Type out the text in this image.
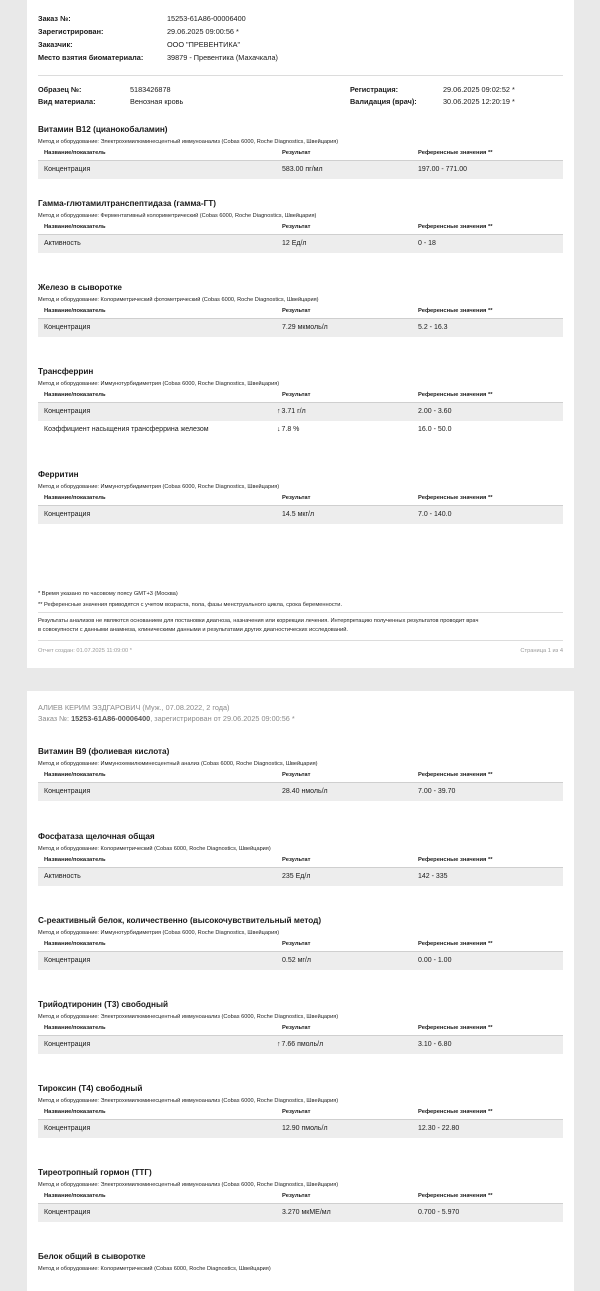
Заказ №:	15253-61A86-00006400
Зарегистрирован:	29.06.2025 09:00:56 *
Заказчик:	ООО "ПРЕВЕНТИКА"
Место взятия биоматериала:	39879 - Превентика (Махачкала)
Образец №:	5183426878
Вид материала:	Венозная кровь
Регистрация:	29.06.2025 09:02:52 *
Валидация (врач):	30.06.2025 12:20:19 *
Витамин B12 (цианокобаламин)
Метод и оборудование: Электрохемилюминесцентный иммуноанализ (Cobas 6000, Roche Diagnostics, Швейцария)
Название/показатель	Результат	Референсные значения **
Концентрация	583.00 пг/мл	197.00 - 771.00
Гамма-глютамилтранспептидаза (гамма-ГТ)
Метод и оборудование: Ферментативный колориметрический (Cobas 6000, Roche Diagnostics, Швейцария)
Название/показатель	Результат	Референсные значения **
Активность	12 Ед/л	0 - 18
Железо в сыворотке
Метод и оборудование: Колориметрический фотометрический (Cobas 6000, Roche Diagnostics, Швейцария)
Название/показатель	Результат	Референсные значения **
Концентрация	7.29 мкмоль/л	5.2 - 16.3
Трансферрин
Метод и оборудование: Иммунотурбидиметрия (Cobas 6000, Roche Diagnostics, Швейцария)
Название/показатель	Результат	Референсные значения **
Концентрация	↑3.71 г/л	2.00 - 3.60
Коэффициент насыщения трансферрина железом	↓7.8 %	16.0 - 50.0
Ферритин
Метод и оборудование: Иммунотурбидиметрия (Cobas 6000, Roche Diagnostics, Швейцария)
Название/показатель	Результат	Референсные значения **
Концентрация	14.5 мкг/л	7.0 - 140.0
* Время указано по часовому поясу GMT+3 (Москва)
** Референсные значения приводятся с учетом возраста, пола, фазы менструального цикла, срока беременности.
Результаты анализов не являются основанием для постановки диагноза, назначения или коррекции лечения. Интерпретацию полученных результатов проводит врач
в совокупности с данными анамнеза, клиническими данными и результатами других диагностических исследований.
Отчет создан: 01.07.2025 11:09:00 *	Страница 1 из 4
АЛИЕВ КЕРИМ ЭЗДГАРОВИЧ (Муж., 07.08.2022, 2 года)
Заказ №: 15253-61A86-00006400, зарегистрирован от 29.06.2025 09:00:56 *
Витамин B9 (фолиевая кислота)
Метод и оборудование: Иммунохемилюминесцентный анализ (Cobas 6000, Roche Diagnostics, Швейцария)
Название/показатель	Результат	Референсные значения **
Концентрация	28.40 нмоль/л	7.00 - 39.70
Фосфатаза щелочная общая
Метод и оборудование: Колориметрический (Cobas 6000, Roche Diagnostics, Швейцария)
Название/показатель	Результат	Референсные значения **
Активность	235 Ед/л	142 - 335
С-реактивный белок, количественно (высокочувствительный метод)
Метод и оборудование: Иммунотурбидиметрия (Cobas 6000, Roche Diagnostics, Швейцария)
Название/показатель	Результат	Референсные значения **
Концентрация	0.52 мг/л	0.00 - 1.00
Трийодтиронин (Т3) свободный
Метод и оборудование: Электрохемилюминесцентный иммуноанализ (Cobas 6000, Roche Diagnostics, Швейцария)
Название/показатель	Результат	Референсные значения **
Концентрация	↑7.66 пмоль/л	3.10 - 6.80
Тироксин (Т4) свободный
Метод и оборудование: Электрохемилюминесцентный иммуноанализ (Cobas 6000, Roche Diagnostics, Швейцария)
Название/показатель	Результат	Референсные значения **
Концентрация	12.90 пмоль/л	12.30 - 22.80
Тиреотропный гормон (ТТГ)
Метод и оборудование: Электрохемилюминесцентный иммуноанализ (Cobas 6000, Roche Diagnostics, Швейцария)
Название/показатель	Результат	Референсные значения **
Концентрация	3.270 мкМЕ/мл	0.700 - 5.970
Белок общий в сыворотке
Метод и оборудование: Колориметрический (Cobas 6000, Roche Diagnostics, Швейцария)
